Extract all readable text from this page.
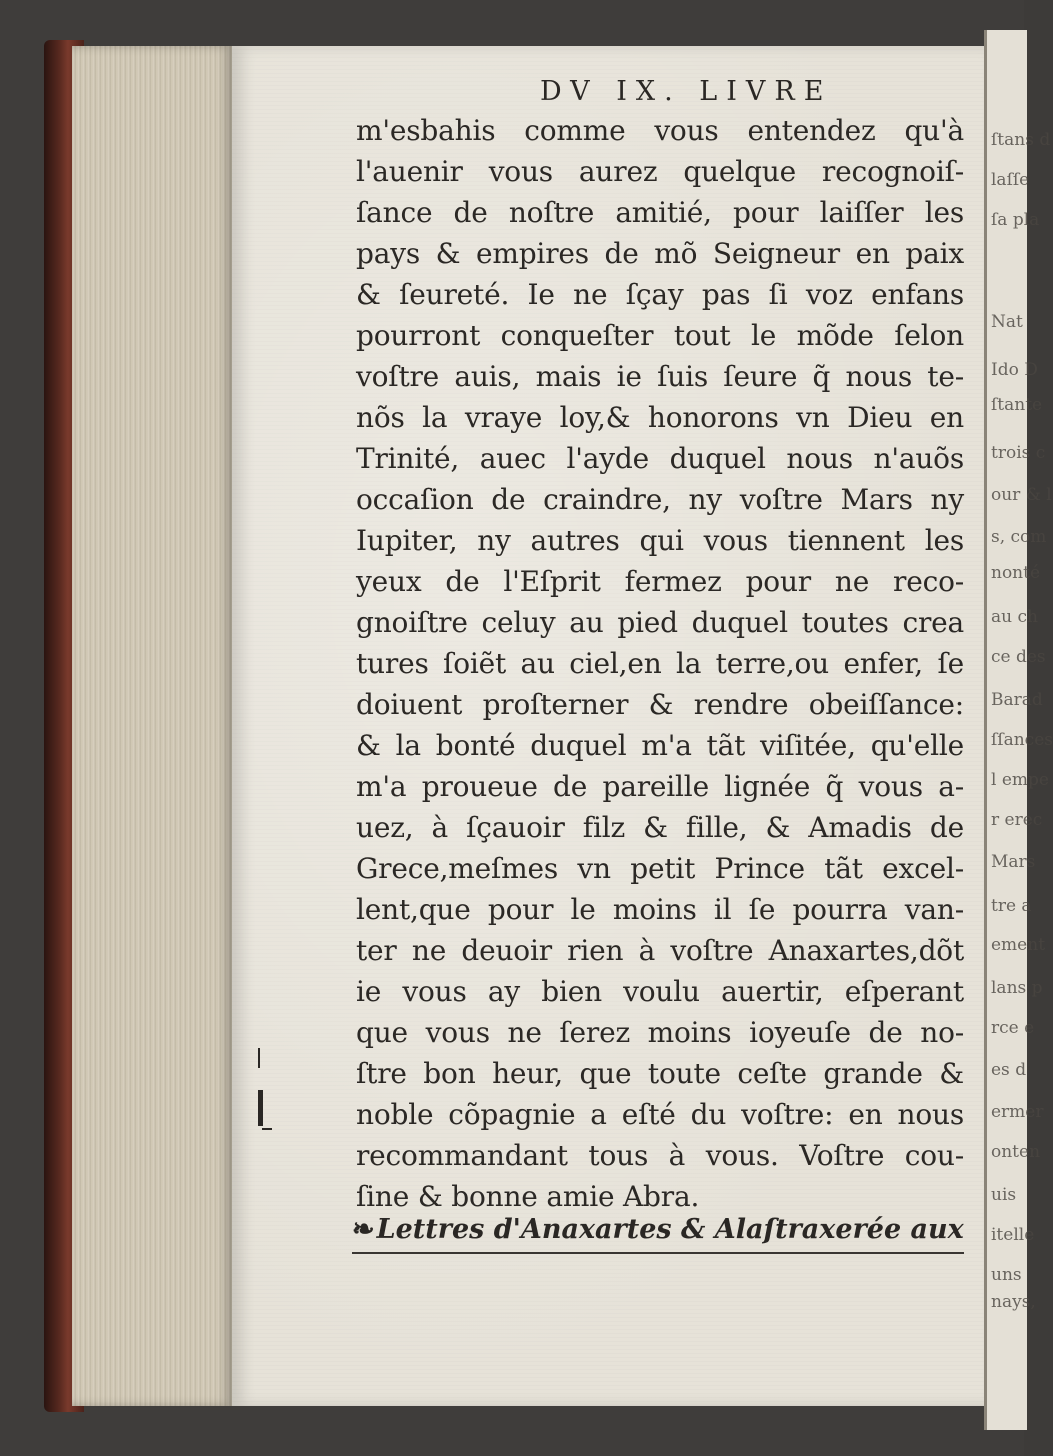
ſtans d
laſſe
ſa pla
Nat
Ido D
ſtante
trois c
our & l
s, com
nonté
au ch
ce des
Barad
ſſances
l empe
r erec
Mars
tre a
ement
lans p
rce e
es d
ermer
onten
uis
itelle
uns
nays,
DV IX. LIVRE
m'esbahis comme vous entendez qu'à
l'auenir vous aurez quelque recognoiſ-
ſance de noſtre amitié, pour laiſſer les
pays & empires de mõ Seigneur en paix
& ſeureté. Ie ne ſçay pas ſi voz enfans
pourront conqueſter tout le mõde ſelon
voſtre auis, mais ie ſuis ſeure q̃ nous te-
nõs la vraye loy,& honorons vn Dieu en
Trinité, auec l'ayde duquel nous n'auõs
occaſion de craindre, ny voſtre Mars ny
Iupiter, ny autres qui vous tiennent les
yeux de l'Eſprit fermez pour ne reco-
gnoiſtre celuy au pied duquel toutes crea
tures ſoiẽt au ciel,en la terre,ou enfer, ſe
doiuent proſterner & rendre obeiſſance:
& la bonté duquel m'a tãt viſitée, qu'elle
m'a proueue de pareille lignée q̃ vous a-
uez, à ſçauoir filz & fille, & Amadis de
Grece,meſmes vn petit Prince tãt excel-
lent,que pour le moins il ſe pourra van-
ter ne deuoir rien à voſtre Anaxartes,dõt
ie vous ay bien voulu auertir, eſperant
que vous ne ſerez moins ioyeuſe de no-
ſtre bon heur, que toute ceſte grande &
noble cõpagnie a eſté du voſtre: en nous
recommandant tous à vous. Voſtre cou-
ſine & bonne amie Abra.
❧Lettres d'Anaxartes & Alaſtraxerée aux
